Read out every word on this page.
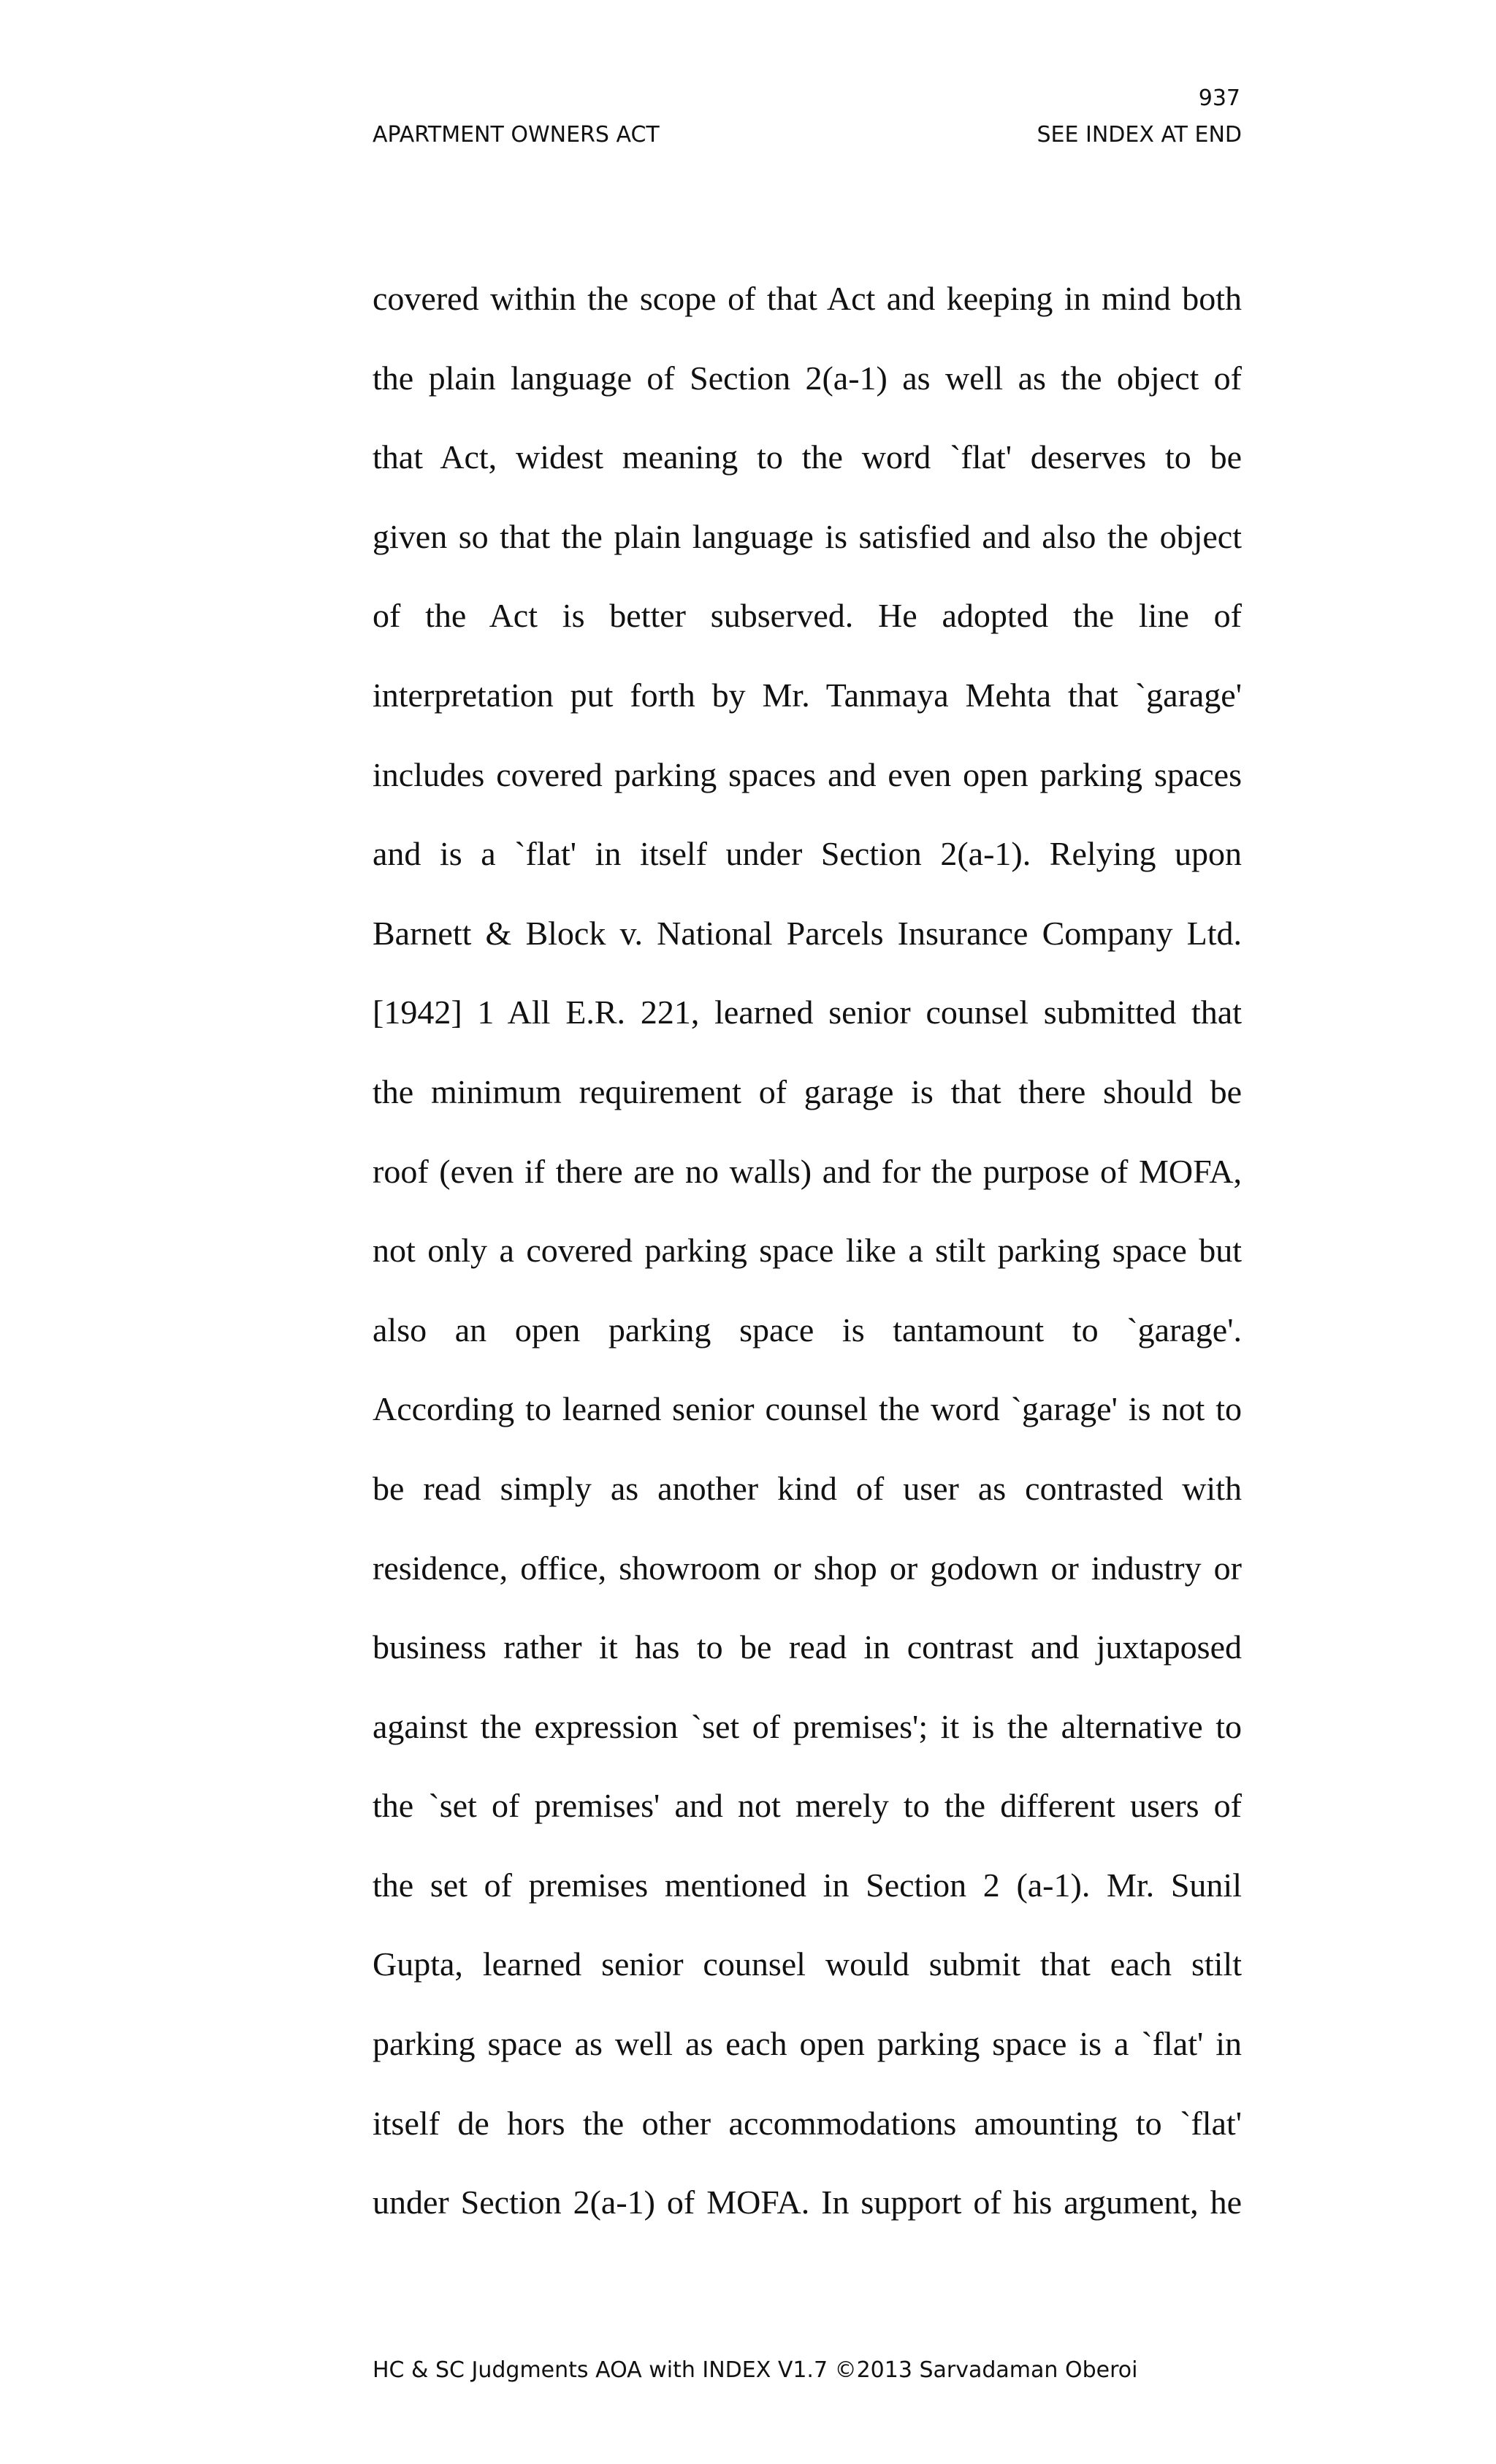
937
APARTMENT OWNERS ACT	SEE INDEX AT END
covered within the scope of that Act and keeping in mind both
the plain language of Section 2(a-1) as well as the object of
that Act, widest meaning to the word `flat' deserves to be
given so that the plain language is satisfied and also the object
of the Act is better subserved. He adopted the line of
interpretation put forth by Mr. Tanmaya Mehta that `garage'
includes covered parking spaces and even open parking spaces
and is a `flat' in itself under Section 2(a-1). Relying upon
Barnett & Block v. National Parcels Insurance Company Ltd.
[1942] 1 All E.R. 221, learned senior counsel submitted that
the minimum requirement of garage is that there should be
roof (even if there are no walls) and for the purpose of MOFA,
not only a covered parking space like a stilt parking space but
also an open parking space is tantamount to `garage'.
According to learned senior counsel the word `garage' is not to
be read simply as another kind of user as contrasted with
residence, office, showroom or shop or godown or industry or
business rather it has to be read in contrast and juxtaposed
against the expression `set of premises'; it is the alternative to
the `set of premises' and not merely to the different users of
the set of premises mentioned in Section 2 (a-1). Mr. Sunil
Gupta, learned senior counsel would submit that each stilt
parking space as well as each open parking space is a `flat' in
itself de hors the other accommodations amounting to `flat'
under Section 2(a-1) of MOFA. In support of his argument, he
HC & SC Judgments AOA with INDEX V1.7 ©2013 Sarvadaman Oberoi
